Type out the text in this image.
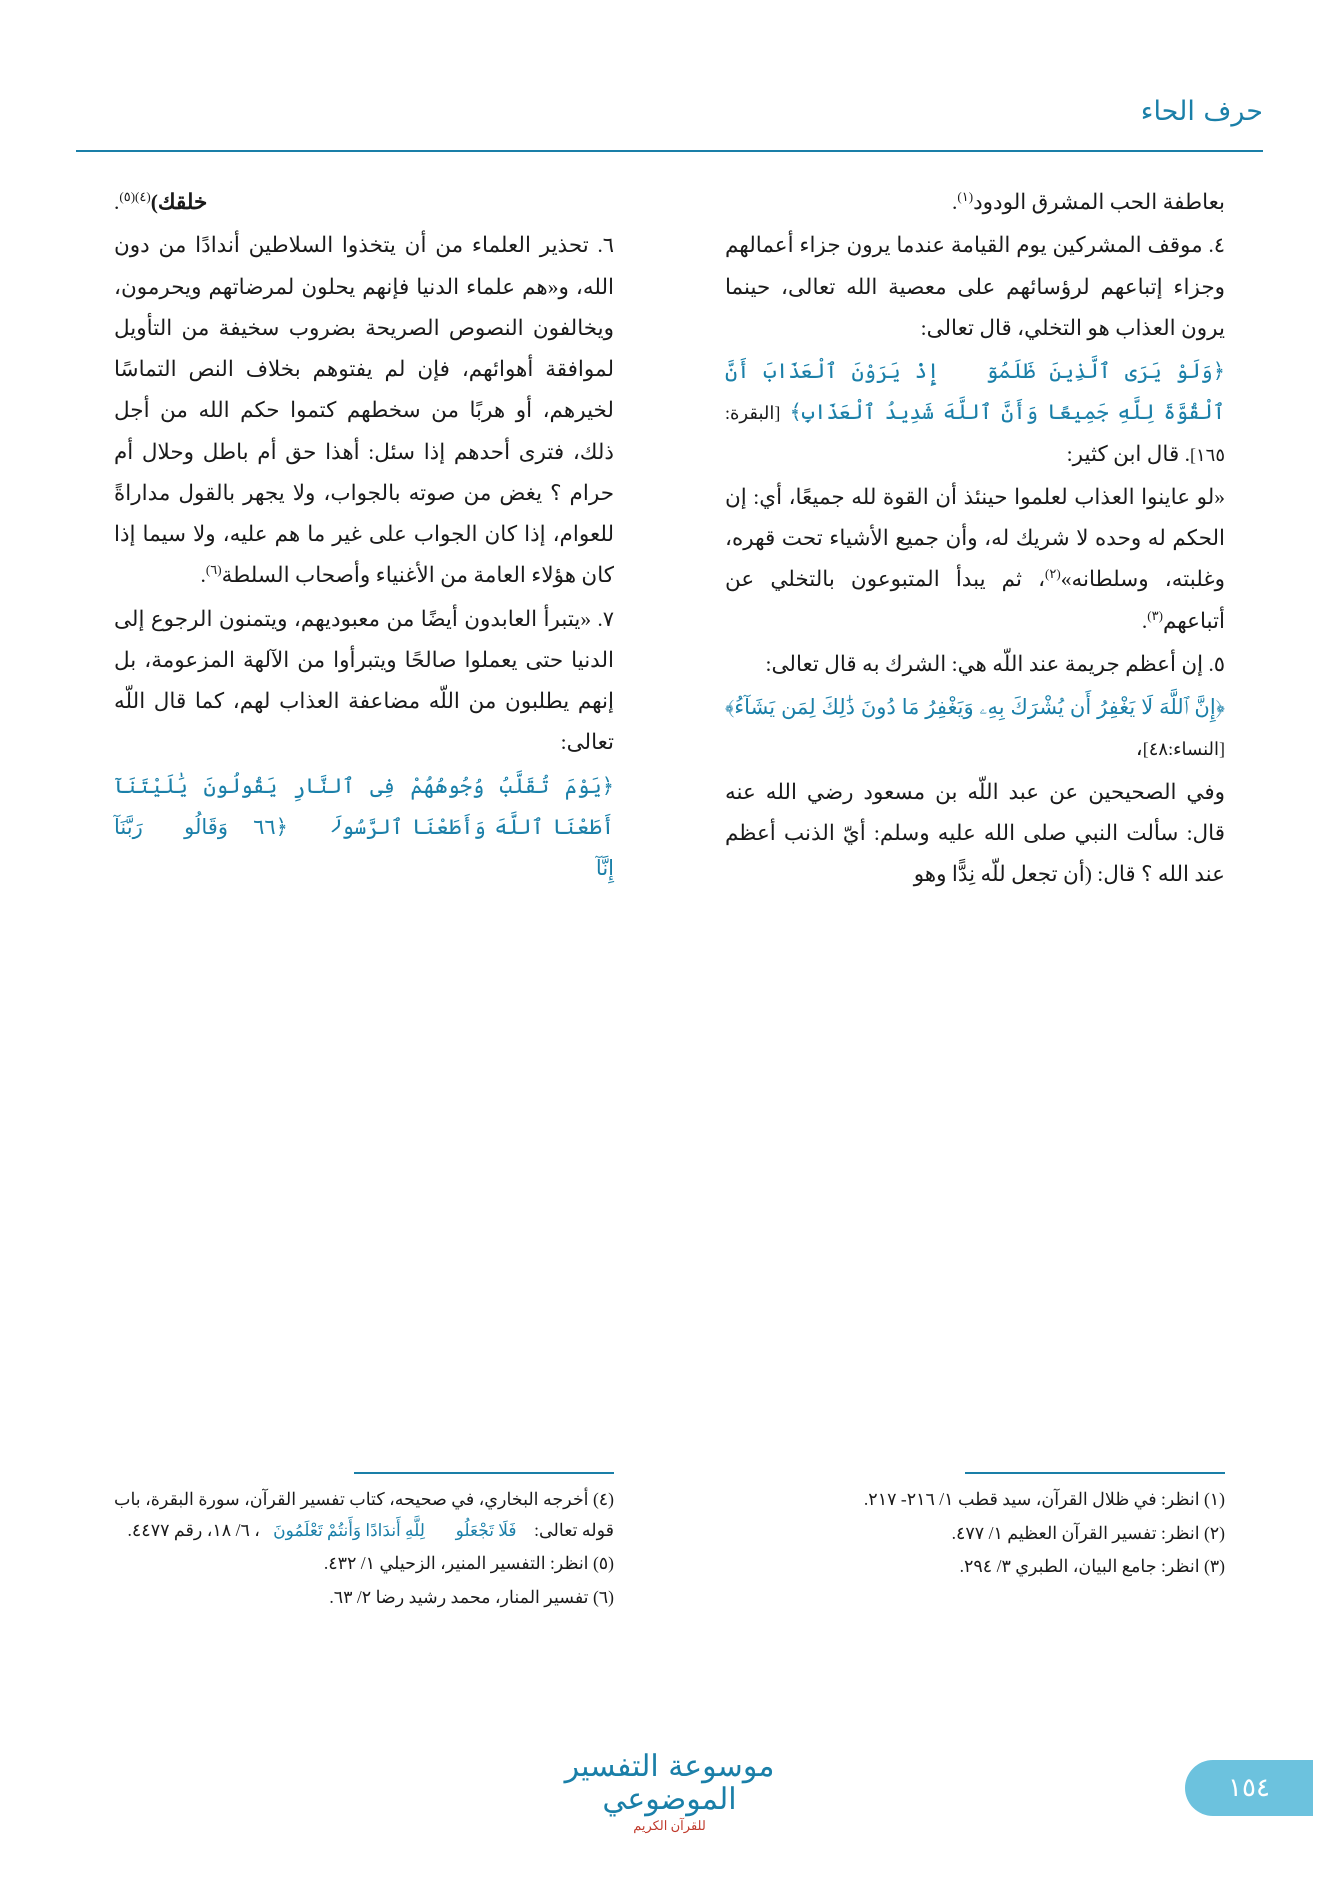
حرف الحاء

بعاطفة الحب المشرق الودود$^{(١)}$.

٤. موقف المشركين يوم القيامة عندما يرون جزاء أعمالهم وجزاء إتباعهم لرؤسائهم على معصية الله تعالى، حينما يرون العذاب هو التخلي، قال تعالى:

﴿وَلَوْ يَرَى ٱلَّذِينَ ظَلَمُوٓا۟ إِذْ يَرَوْنَ ٱلْعَذَابَ أَنَّ ٱلْقُوَّةَ لِلَّهِ جَمِيعًا وَأَنَّ ٱللَّهَ شَدِيدُ ٱلْعَذَابِ﴾ [البقرة: ١٦٥]. قال ابن كثير:

«لو عاينوا العذاب لعلموا حينئذ أن القوة لله جميعًا، أي: إن الحكم له وحده لا شريك له، وأن جميع الأشياء تحت قهره، وغلبته، وسلطانه»$^{(٢)}$، ثم يبدأ المتبوعون بالتخلي عن أتباعهم$^{(٣)}$.

٥. إن أعظم جريمة عند اللّه هي: الشرك به قال تعالى:

﴿إِنَّ ٱللَّهَ لَا يَغْفِرُ أَن يُشْرَكَ بِهِۦ وَيَغْفِرُ مَا دُونَ ذَٰلِكَ لِمَن يَشَآءُ﴾ [النساء:٤٨]،

وفي الصحيحين عن عبد اللّه بن مسعود رضي الله عنه قال: سألت النبي صلى الله عليه وسلم: أيّ الذنب أعظم عند الله ؟ قال: (أن تجعل للّه نِدًّا وهو

خلقك)$^{(٤)(٥)}$.

٦. تحذير العلماء من أن يتخذوا السلاطين أندادًا من دون الله، و«هم علماء الدنيا فإنهم يحلون لمرضاتهم ويحرمون، ويخالفون النصوص الصريحة بضروب سخيفة من التأويل لموافقة أهوائهم، فإن لم يفتوهم بخلاف النص التماسًا لخيرهم، أو هربًا من سخطهم كتموا حكم الله من أجل ذلك، فترى أحدهم إذا سئل: أهذا حق أم باطل وحلال أم حرام ؟ يغض من صوته بالجواب، ولا يجهر بالقول مداراةً للعوام، إذا كان الجواب على غير ما هم عليه، ولا سيما إذا كان هؤلاء العامة من الأغنياء وأصحاب السلطة$^{(٦)}$.

٧. «يتبرأ العابدون أيضًا من معبوديهم، ويتمنون الرجوع إلى الدنيا حتى يعملوا صالحًا ويتبرأوا من الآلهة المزعومة، بل إنهم يطلبون من اللّه مضاعفة العذاب لهم، كما قال اللّه تعالى:

﴿يَوْمَ تُقَلَّبُ وُجُوهُهُمْ فِى ٱلنَّارِ يَقُولُونَ يَٰلَيْتَنَآ أَطَعْنَا ٱللَّهَ وَأَطَعْنَا ٱلرَّسُولَا۠ ﴿٦٦﴾ وَقَالُوا۟ رَبَّنَآ إِنَّآ

(١) انظر: في ظلال القرآن، سيد قطب ١/ ٢١٦- ٢١٧.

(٢) انظر: تفسير القرآن العظيم ١/ ٤٧٧.

(٣) انظر: جامع البيان، الطبري ٣/ ٢٩٤.

(٤) أخرجه البخاري، في صحيحه، كتاب تفسير القرآن، سورة البقرة، باب قوله تعالى: ﴿فَلَا تَجْعَلُوا۟ لِلَّهِ أَندَادًا وَأَنتُمْ تَعْلَمُونَ﴾، ٦/ ١٨، رقم ٤٤٧٧.

(٥) انظر: التفسير المنير، الزحيلي ١/ ٤٣٢.

(٦) تفسير المنار، محمد رشيد رضا ٢/ ٦٣.

موسوعة التفسير الموضوعي
للقرآن الكريم
١٥٤
